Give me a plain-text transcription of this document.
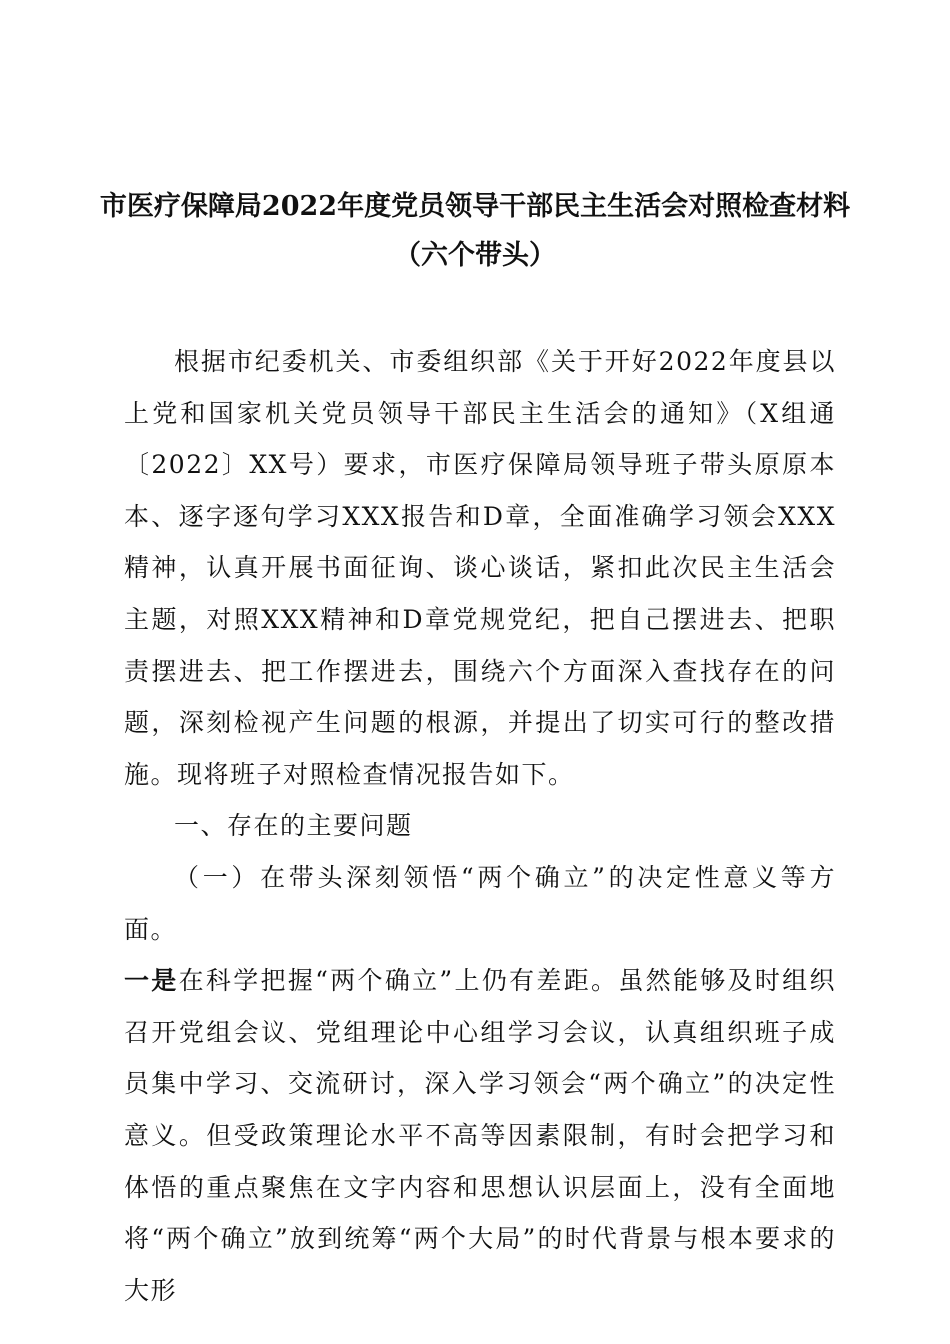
市医疗保障局2022年度党员领导干部民主生活会对照检查材料
（六个带头）

根据市纪委机关、市委组织部《关于开好2022年度县以上党和国家机关党员领导干部民主生活会的通知》（X组通〔2022〕XX号）要求，市医疗保障局领导班子带头原原本本、逐字逐句学习XXX报告和D章，全面准确学习领会XXX精神，认真开展书面征询、谈心谈话，紧扣此次民主生活会主题，对照XXX精神和D章党规党纪，把自己摆进去、把职责摆进去、把工作摆进去，围绕六个方面深入查找存在的问题，深刻检视产生问题的根源，并提出了切实可行的整改措施。现将班子对照检查情况报告如下。

一、存在的主要问题

（一）在带头深刻领悟“两个确立”的决定性意义等方面。

一是在科学把握“两个确立”上仍有差距。虽然能够及时组织召开党组会议、党组理论中心组学习会议，认真组织班子成员集中学习、交流研讨，深入学习领会“两个确立”的决定性意义。但受政策理论水平不高等因素限制，有时会把学习和体悟的重点聚焦在文字内容和思想认识层面上，没有全面地将“两个确立”放到统筹“两个大局”的时代背景与根本要求的大形
